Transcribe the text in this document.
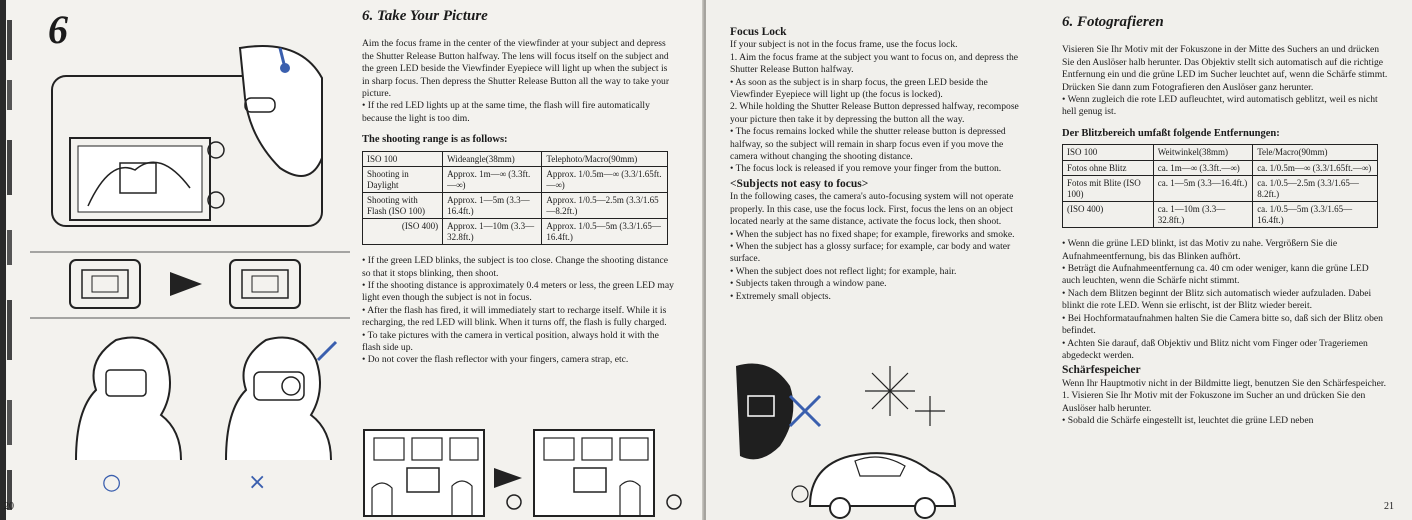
6
○	×
20
6. Take Your Picture

Aim the focus frame in the center of the viewfinder at your subject and depress the Shutter Release Button halfway. The lens will focus itself on the subject and the green LED beside the Viewfinder Eyepiece will light up when the subject is in sharp focus. Then depress the Shutter Release Button all the way to take your picture.

• If the red LED lights up at the same time, the flash will fire automatically because the light is too dim.

The shooting range is as follows:
ISO 100	Wideangle(38mm)	Telephoto/Macro(90mm)
Shooting in Daylight	Approx. 1m—∞ (3.3ft.—∞)	Approx. 1/0.5m—∞ (3.3/1.65ft.—∞)
Shooting with Flash (ISO 100)	Approx. 1—5m (3.3—16.4ft.)	Approx. 1/0.5—2.5m (3.3/1.65—8.2ft.)
(ISO 400)	Approx. 1—10m (3.3—32.8ft.)	Approx. 1/0.5—5m (3.3/1.65—16.4ft.)

• If the green LED blinks, the subject is too close. Change the shooting distance so that it stops blinking, then shoot.

• If the shooting distance is approximately 0.4 meters or less, the green LED may light even though the subject is not in focus.

• After the flash has fired, it will immediately start to recharge itself. While it is recharging, the red LED will blink. When it turns off, the flash is fully charged.

• To take pictures with the camera in vertical position, always hold it with the flash side up.

• Do not cover the flash reflector with your fingers, camera strap, etc.

Focus Lock

If your subject is not in the focus frame, use the focus lock.

1. Aim the focus frame at the subject you want to focus on, and depress the Shutter Release Button halfway.

• As soon as the subject is in sharp focus, the green LED beside the Viewfinder Eyepiece will light up (the focus is locked).

2. While holding the Shutter Release Button depressed halfway, recompose your picture then take it by depressing the button all the way.

• The focus remains locked while the shutter release button is depressed halfway, so the subject will remain in sharp focus even if you move the camera without changing the shooting distance.

• The focus lock is released if you remove your finger from the button.

<Subjects not easy to focus>

In the following cases, the camera's auto-focusing system will not operate properly. In this case, use the focus lock. First, focus the lens on an object located nearly at the same distance, activate the focus lock, then shoot.

• When the subject has no fixed shape; for example, fireworks and smoke.

• When the subject has a glossy surface; for example, car body and water surface.

• When the subject does not reflect light; for example, hair.

• Subjects taken through a window pane.

• Extremely small objects.

6. Fotografieren

Visieren Sie Ihr Motiv mit der Fokuszone in der Mitte des Suchers an und drücken Sie den Auslöser halb herunter. Das Objektiv stellt sich automatisch auf die richtige Entfernung ein und die grüne LED im Sucher leuchtet auf, wenn die Schärfe stimmt.

Drücken Sie dann zum Fotografieren den Auslöser ganz herunter.

• Wenn zugleich die rote LED aufleuchtet, wird automatisch geblitzt, weil es nicht hell genug ist.

Der Blitzbereich umfaßt folgende Entfernungen:
ISO 100	Weitwinkel(38mm)	Tele/Macro(90mm)
Fotos ohne Blitz	ca. 1m—∞ (3.3ft.—∞)	ca. 1/0.5m—∞ (3.3/1.65ft.—∞)
Fotos mit Blite (ISO 100)	ca. 1—5m (3.3—16.4ft.)	ca. 1/0.5—2.5m (3.3/1.65—8.2ft.)
(ISO 400)	ca. 1—10m (3.3—32.8ft.)	ca. 1/0.5—5m (3.3/1.65—16.4ft.)

• Wenn die grüne LED blinkt, ist das Motiv zu nahe. Vergrößern Sie die Aufnahmeentfernung, bis das Blinken aufhört.

• Beträgt die Aufnahmeentfernung ca. 40 cm oder weniger, kann die grüne LED auch leuchten, wenn die Schärfe nicht stimmt.

• Nach dem Blitzen beginnt der Blitz sich automatisch wieder aufzuladen. Dabei blinkt die rote LED. Wenn sie erlischt, ist der Blitz wieder bereit.

• Bei Hochformataufnahmen halten Sie die Camera bitte so, daß sich der Blitz oben befindet.

• Achten Sie darauf, daß Objektiv und Blitz nicht vom Finger oder Trageriemen abgedeckt werden.

Schärfespeicher

Wenn Ihr Hauptmotiv nicht in der Bildmitte liegt, benutzen Sie den Schärfespeicher.

1. Visieren Sie Ihr Motiv mit der Fokuszone im Sucher an und drücken Sie den Auslöser halb herunter.

• Sobald die Schärfe eingestellt ist, leuchtet die grüne LED neben

21
